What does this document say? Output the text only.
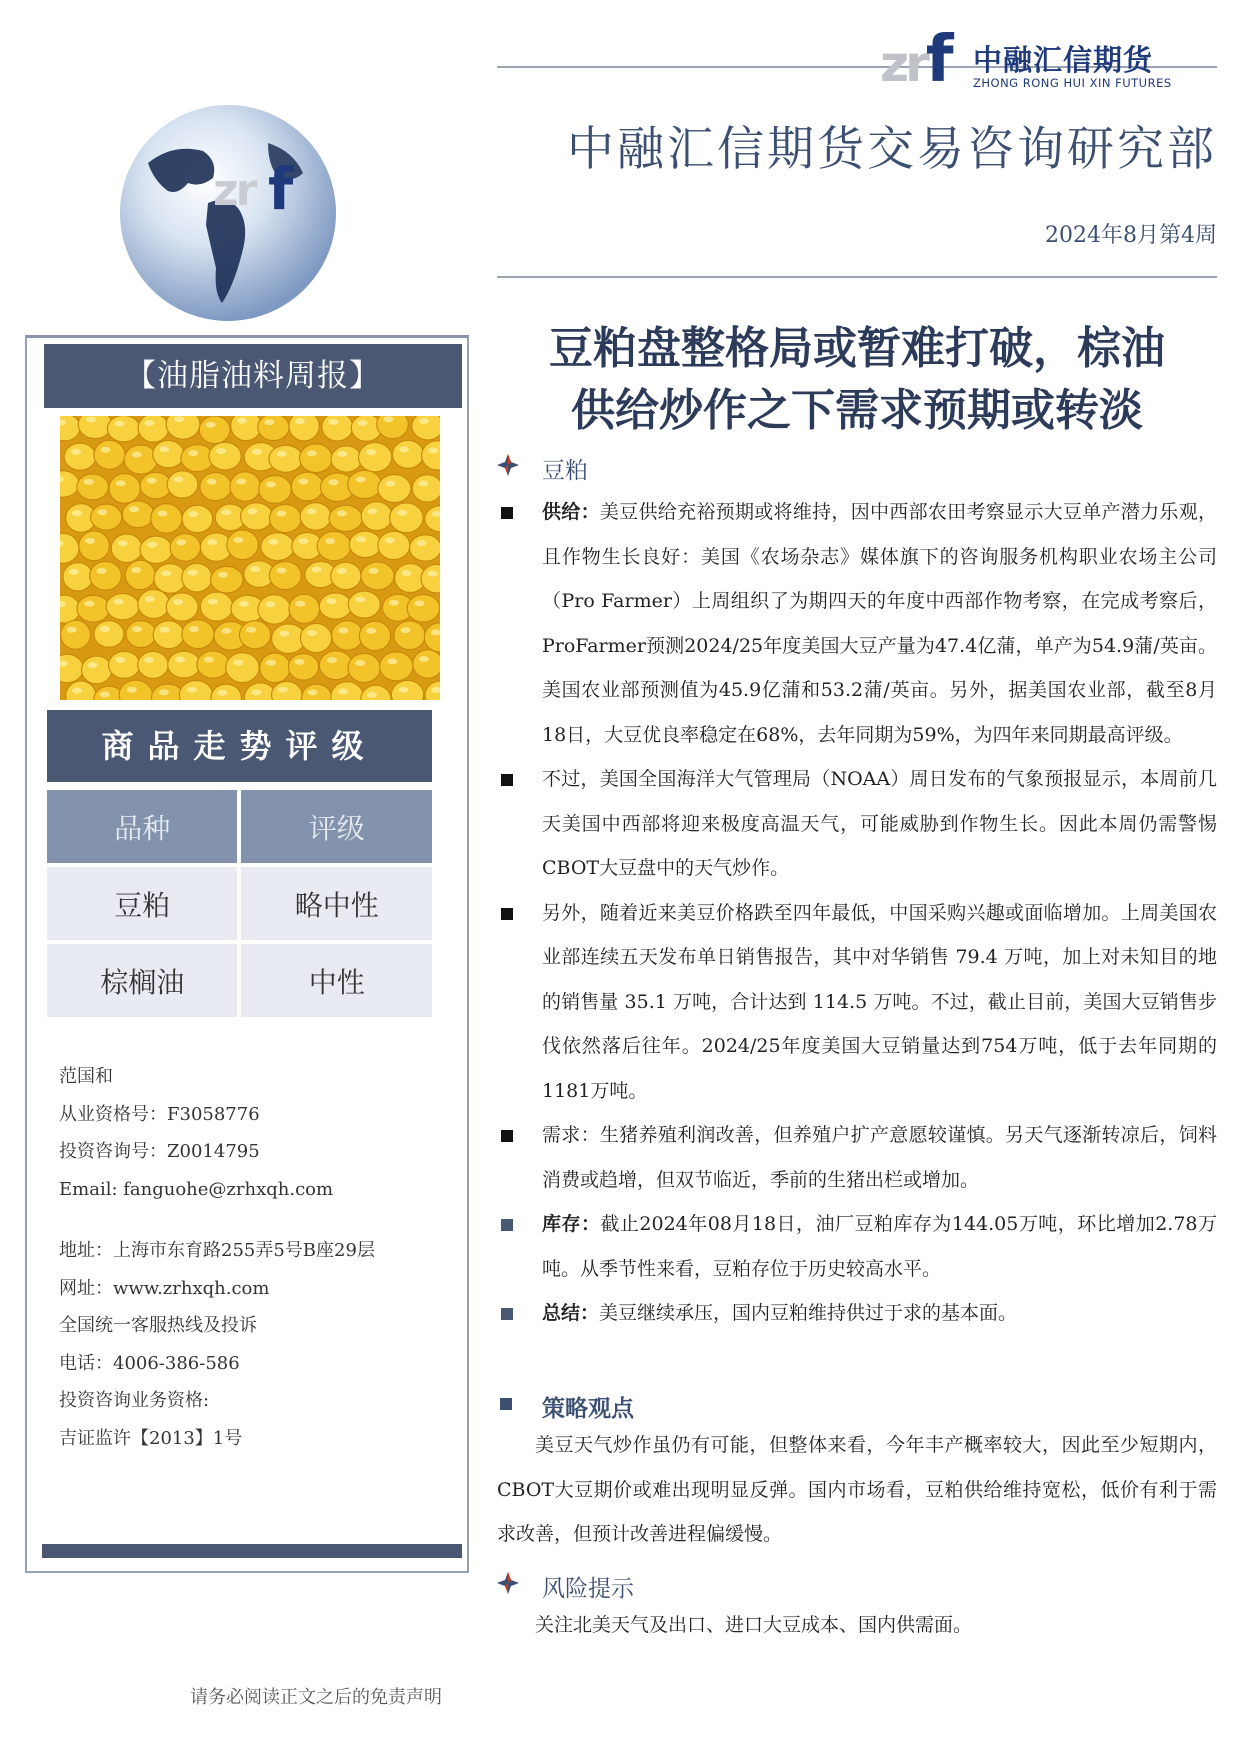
zrf 中融汇信期货
ZHONG RONG HUI XIN FUTURES
中融汇信期货交易咨询研究部
2024年8月第4周
zr f
【油脂油料周报】
商品走势评级
品种	评级
豆粕	略中性
棕榈油	中性
范国和
从业资格号：F3058776
投资咨询号：Z0014795
Email: fanguohe@zrhxqh.com
地址：上海市东育路255弄5号B座29层
网址：www.zrhxqh.com
全国统一客服热线及投诉
电话：4006-386-586
投资咨询业务资格:
吉证监许【2013】1号
请务必阅读正文之后的免责声明
豆粕盘整格局或暂难打破，棕油
供给炒作之下需求预期或转淡
豆粕
供给：美豆供给充裕预期或将维持，因中西部农田考察显示大豆单产潜力乐观，且作物生长良好：美国《农场杂志》媒体旗下的咨询服务机构职业农场主公司（Pro Farmer）上周组织了为期四天的年度中西部作物考察，在完成考察后，ProFarmer预测2024/25年度美国大豆产量为47.4亿蒲，单产为54.9蒲/英亩。美国农业部预测值为45.9亿蒲和53.2蒲/英亩。另外，据美国农业部，截至8月18日，大豆优良率稳定在68%，去年同期为59%，为四年来同期最高评级。
不过，美国全国海洋大气管理局（NOAA）周日发布的气象预报显示，本周前几天美国中西部将迎来极度高温天气，可能威胁到作物生长。因此本周仍需警惕CBOT大豆盘中的天气炒作。
另外，随着近来美豆价格跌至四年最低，中国采购兴趣或面临增加。上周美国农业部连续五天发布单日销售报告，其中对华销售 79.4 万吨，加上对未知目的地的销售量 35.1 万吨，合计达到 114.5 万吨。不过，截止目前，美国大豆销售步伐依然落后往年。2024/25年度美国大豆销量达到754万吨，低于去年同期的1181万吨。
需求：生猪养殖利润改善，但养殖户扩产意愿较谨慎。另天气逐渐转凉后，饲料消费或趋增，但双节临近，季前的生猪出栏或增加。
库存：截止2024年08月18日，油厂豆粕库存为144.05万吨，环比增加2.78万吨。从季节性来看，豆粕存位于历史较高水平。
总结：美豆继续承压，国内豆粕维持供过于求的基本面。
策略观点
美豆天气炒作虽仍有可能，但整体来看，今年丰产概率较大，因此至少短期内，CBOT大豆期价或难出现明显反弹。国内市场看，豆粕供给维持宽松，低价有利于需求改善，但预计改善进程偏缓慢。
风险提示
关注北美天气及出口、进口大豆成本、国内供需面。
